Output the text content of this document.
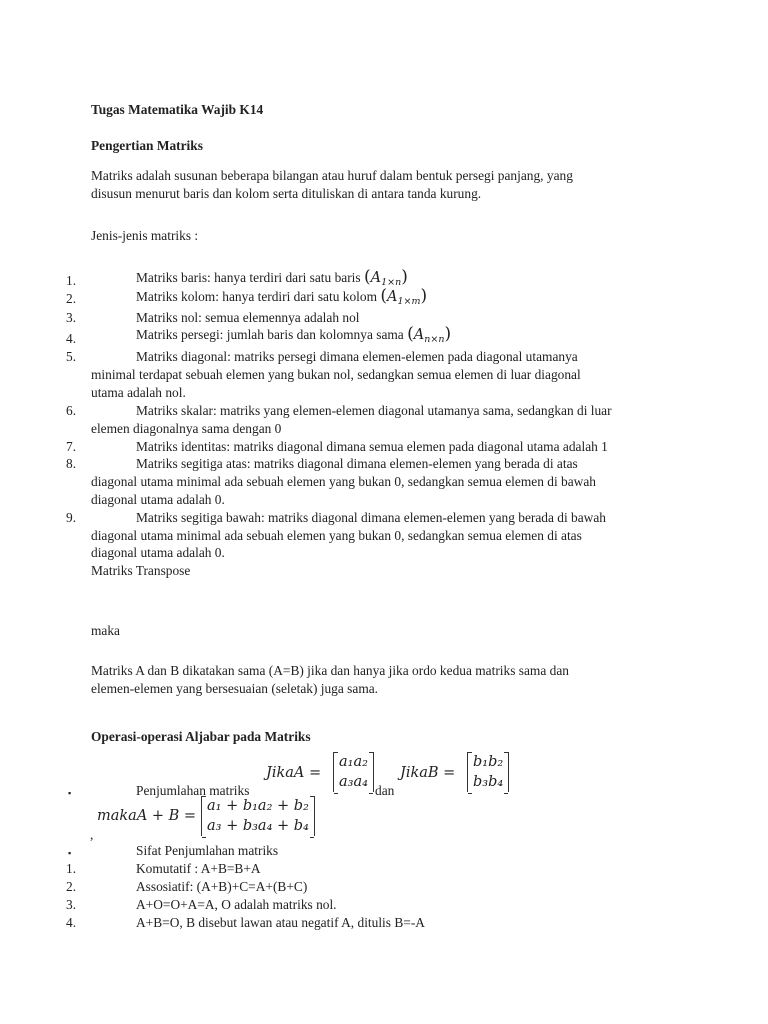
Tugas Matematika Wajib K14
Pengertian Matriks
Matriks adalah susunan beberapa bilangan atau huruf dalam bentuk persegi panjang, yang
disusun menurut baris dan kolom serta dituliskan di antara tanda kurung.
Jenis-jenis matriks :
1.	Matriks baris: hanya terdiri dari satu baris $(A_{1\times n})$
2.	Matriks kolom: hanya terdiri dari satu kolom $(A_{1\times m})$
3.	Matriks nol: semua elemennya adalah nol
4.	Matriks persegi: jumlah baris dan kolomnya sama $(A_{n\times n})$
5.	Matriks diagonal: matriks persegi dimana elemen-elemen pada diagonal utamanya
minimal terdapat sebuah elemen yang bukan nol, sedangkan semua elemen di luar diagonal
utama adalah nol.
6.	Matriks skalar: matriks yang elemen-elemen diagonal utamanya sama, sedangkan di luar
elemen diagonalnya sama dengan 0
7.	Matriks identitas: matriks diagonal dimana semua elemen pada diagonal utama adalah 1
8.	Matriks segitiga atas: matriks diagonal dimana elemen-elemen yang berada di atas
diagonal utama minimal ada sebuah elemen yang bukan 0, sedangkan semua elemen di bawah
diagonal utama adalah 0.
9.	Matriks segitiga bawah: matriks diagonal dimana elemen-elemen yang berada di bawah
diagonal utama minimal ada sebuah elemen yang bukan 0, sedangkan semua elemen di atas
diagonal utama adalah 0.
Matriks Transpose
maka
Matriks A dan B dikatakan sama (A=B) jika dan hanya jika ordo kedua matriks sama dan
elemen-elemen yang bersesuaian (seletak) juga sama.
Operasi-operasi Aljabar pada Matriks
▪	Penjumlahan matriks
JikaA =
a₁a₂
a₃a₄
dan
JikaB =
b₁b₂
b₃b₄
makaA + B =
a₁ + b₁a₂ + b₂
a₃ + b₃a₄ + b₄
,
▪	Sifat Penjumlahan matriks
1.	Komutatif : A+B=B+A
2.	Assosiatif: (A+B)+C=A+(B+C)
3.	A+O=O+A=A, O adalah matriks nol.
4.	A+B=O, B disebut lawan atau negatif A, ditulis B=-A
